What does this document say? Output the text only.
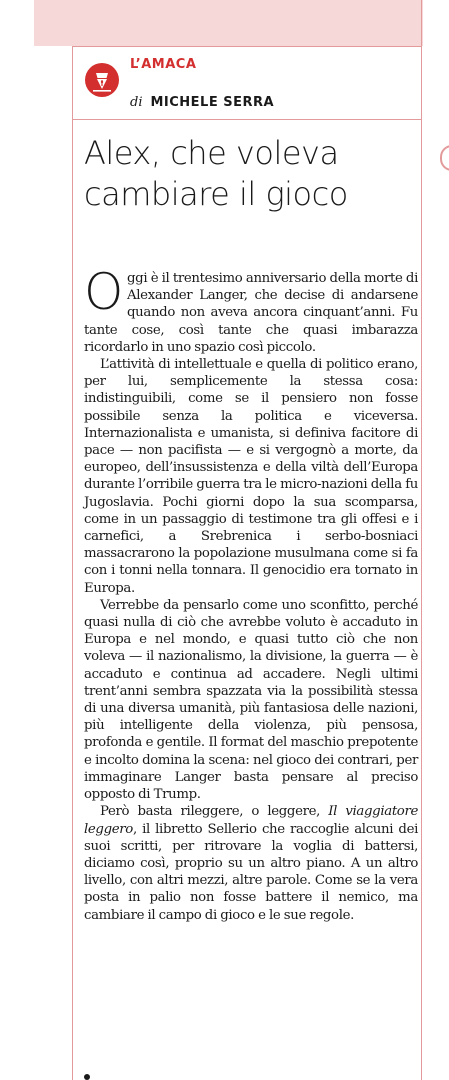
L’AMACA
di MICHELE SERRA
Alex, che voleva cambiare il gioco

Oggi è il trentesimo anniversario della morte di Alexander Langer, che decise di andarsene quando non aveva ancora cinquant’anni. Fu tante cose, così tante che quasi imbarazza ricordarlo in uno spazio così piccolo.

L’attività di intellettuale e quella di politico erano, per lui, semplicemente la stessa cosa: indistinguibili, come se il pensiero non fosse possibile senza la politica e viceversa. Internazionalista e umanista, si definiva facitore di pace — non pacifista — e si vergognò a morte, da europeo, dell’insussistenza e della viltà dell’Europa durante l’orribile guerra tra le micro-nazioni della fu Jugoslavia. Pochi giorni dopo la sua scomparsa, come in un passaggio di testimone tra gli offesi e i carnefici, a Srebrenica i serbo-bosniaci massacrarono la popolazione musulmana come si fa con i tonni nella tonnara. Il genocidio era tornato in Europa.

Verrebbe da pensarlo come uno sconfitto, perché quasi nulla di ciò che avrebbe voluto è accaduto in Europa e nel mondo, e quasi tutto ciò che non voleva — il nazionalismo, la divisione, la guerra — è accaduto e continua ad accadere. Negli ultimi trent’anni sembra spazzata via la possibilità stessa di una diversa umanità, più fantasiosa delle nazioni, più intelligente della violenza, più pensosa, profonda e gentile. Il format del maschio prepotente e incolto domina la scena: nel gioco dei contrari, per immaginare Langer basta pensare al preciso opposto di Trump.

Però basta rileggere, o leggere, Il viaggiatore leggero, il libretto Sellerio che raccoglie alcuni dei suoi scritti, per ritrovare la voglia di battersi, diciamo così, proprio su un altro piano. A un altro livello, con altri mezzi, altre parole. Come se la vera posta in palio non fosse battere il nemico, ma cambiare il campo di gioco e le sue regole.
